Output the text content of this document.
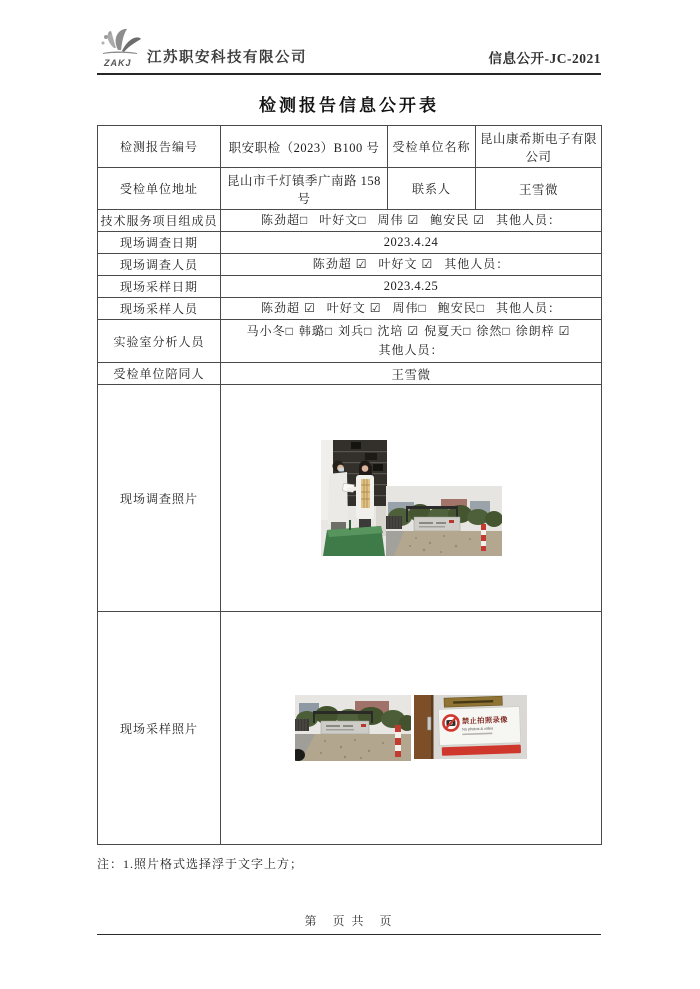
ZAKJ 江苏职安科技有限公司	信息公开-JC-2021
检测报告信息公开表
检测报告编号	职安职检（2023）B100 号	受检单位名称	昆山康希斯电子有限公司
受检单位地址	昆山市千灯镇季广南路 158 号	联系人	王雪微
技术服务项目组成员	陈劲超□ 叶好文□ 周伟 ☑ 鲍安民 ☑ 其他人员：		
现场调查日期	2023.4.24		
现场调查人员	陈劲超 ☑ 叶好文 ☑ 其他人员：		
现场采样日期	2023.4.25		
现场采样人员	陈劲超 ☑ 叶好文 ☑ 周伟□ 鲍安民□ 其他人员：		
实验室分析人员	马小冬□ 韩璐□ 刘兵□ 沈培 ☑ 倪夏天□ 徐然□ 徐朗梓 ☑
其他人员：		

受检单位陪同人	王雪微		
现场调查照片	

现场采样照片	禁止拍照录像
No photos & video		
注：1.照片格式选择浮于文字上方；
第　页 共　页
